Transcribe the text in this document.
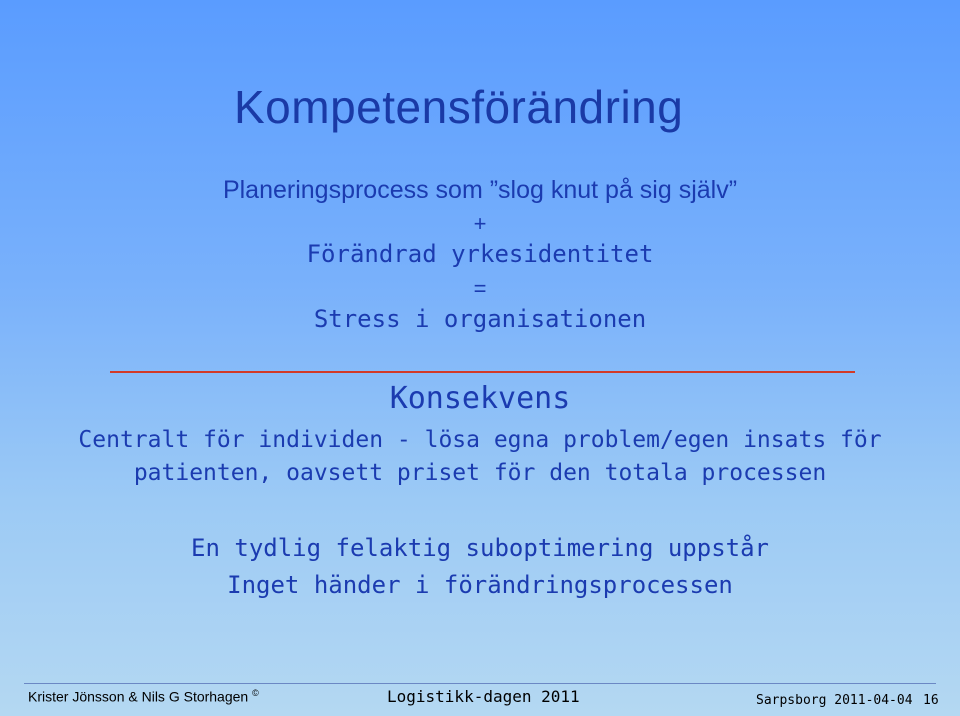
Kompetensförändring
Planeringsprocess som ”slog knut på sig själv”
+
Förändrad yrkesidentitet
=
Stress i organisationen
Konsekvens
Centralt för individen - lösa egna problem/egen insats för
patienten, oavsett priset för den totala processen
En tydlig felaktig suboptimering uppstår
Inget händer i förändringsprocessen
Krister Jönsson & Nils G Storhagen ©	Logistikk-dagen 2011	Sarpsborg 2011-04-04 16
